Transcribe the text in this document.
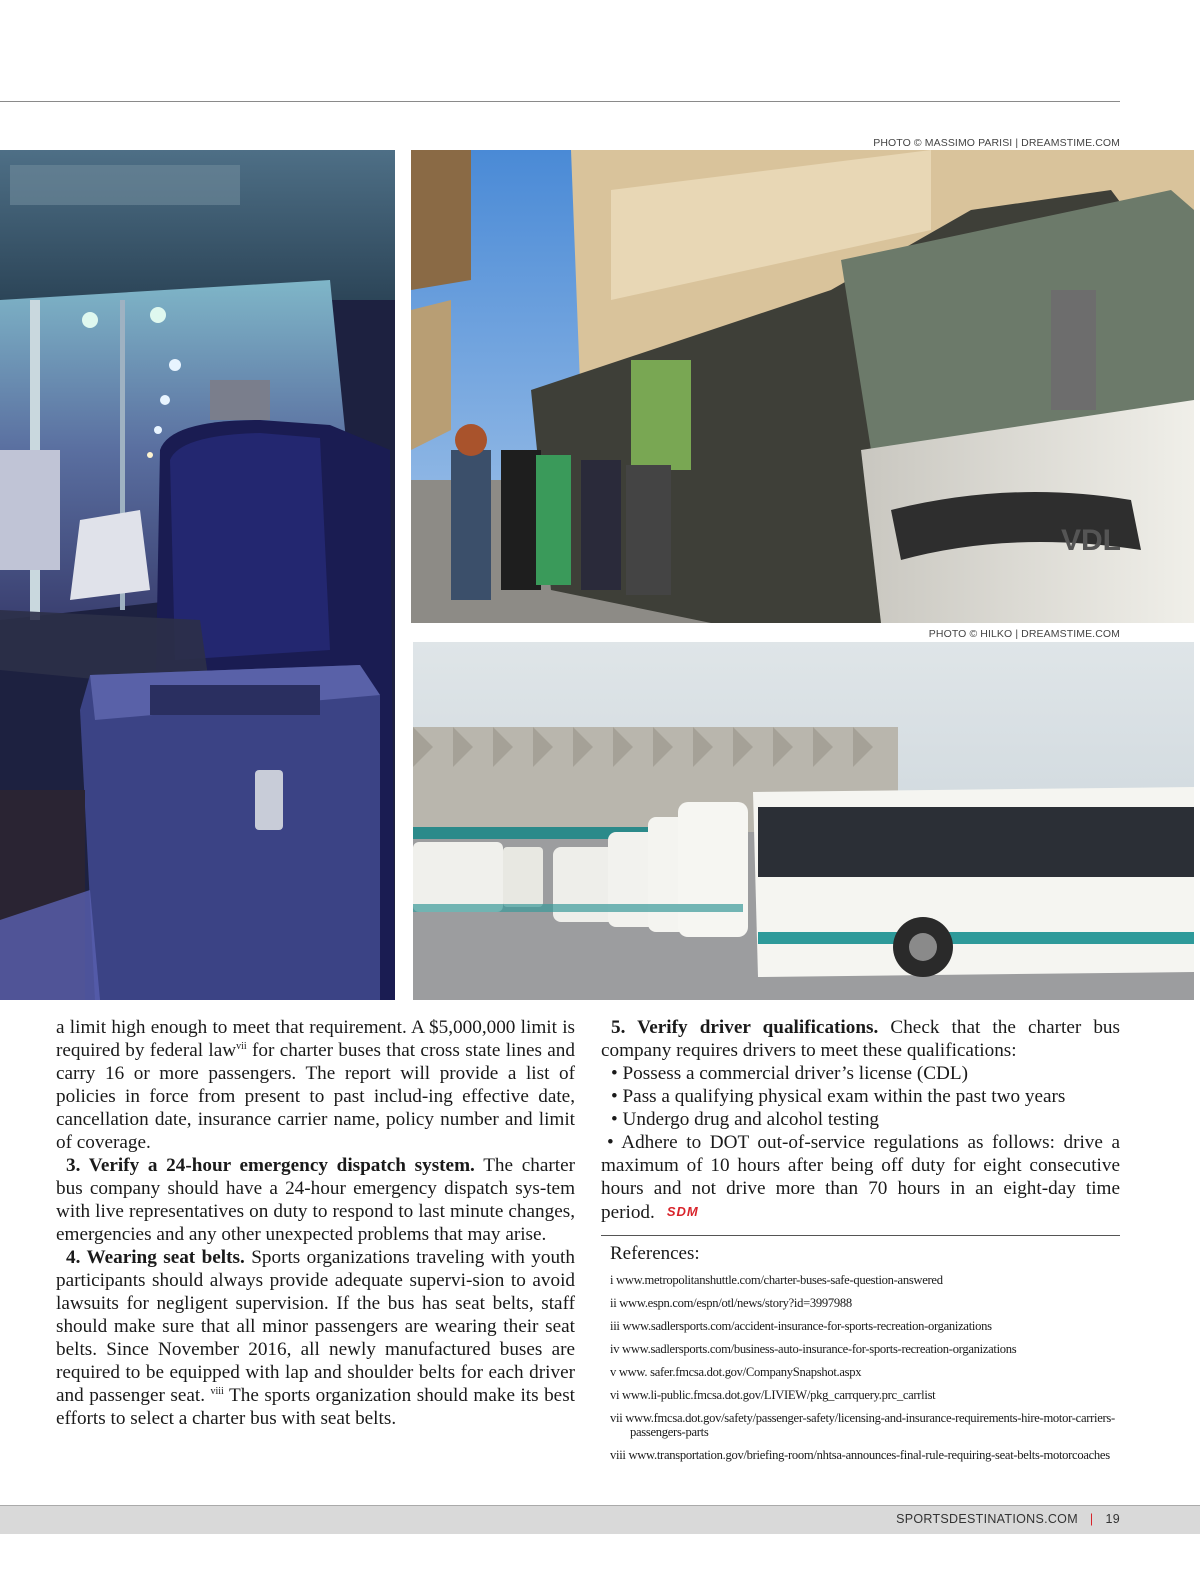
PHOTO © MASSIMO PARISI | DREAMSTIME.COM
VDL
PHOTO © HILKO | DREAMSTIME.COM

a limit high enough to meet that requirement. A $5,000,000 limit is required by federal law$^{vii}$ for charter buses that cross state lines and carry 16 or more passengers. The report will provide a list of policies in force from present to past includ-ing effective date, cancellation date, insurance carrier name, policy number and limit of coverage.

3. Verify a 24-hour emergency dispatch system. The charter bus company should have a 24-hour emergency dispatch sys-tem with live representatives on duty to respond to last minute changes, emergencies and any other unexpected problems that may arise.

4. Wearing seat belts. Sports organizations traveling with youth participants should always provide adequate supervi-sion to avoid lawsuits for negligent supervision. If the bus has seat belts, staff should make sure that all minor passengers are wearing their seat belts. Since November 2016, all newly manufactured buses are required to be equipped with lap and shoulder belts for each driver and passenger seat. $^{viii}$ The sports organization should make its best efforts to select a charter bus with seat belts.

5. Verify driver qualifications. Check that the charter bus company requires drivers to meet these qualifications:

• Possess a commercial driver’s license (CDL)

• Pass a qualifying physical exam within the past two years

• Undergo drug and alcohol testing

• Adhere to DOT out-of-service regulations as follows: drive a maximum of 10 hours after being off duty for eight consecutive hours and not drive more than 70 hours in an eight-day time period. SDM

References:

i www.metropolitanshuttle.com/charter-buses-safe-question-answered
ii www.espn.com/espn/otl/news/story?id=3997988
iii www.sadlersports.com/accident-insurance-for-sports-recreation-organizations
iv www.sadlersports.com/business-auto-insurance-for-sports-recreation-organizations
v www. safer.fmcsa.dot.gov/CompanySnapshot.aspx
vi www.li-public.fmcsa.dot.gov/LIVIEW/pkg_carrquery.prc_carrlist
vii www.fmcsa.dot.gov/safety/passenger-safety/licensing-and-insurance-requirements-hire-motor-carriers-passengers-parts
viii www.transportation.gov/briefing-room/nhtsa-announces-final-rule-requiring-seat-belts-motorcoaches
SPORTSDESTINATIONS.COM | 19
